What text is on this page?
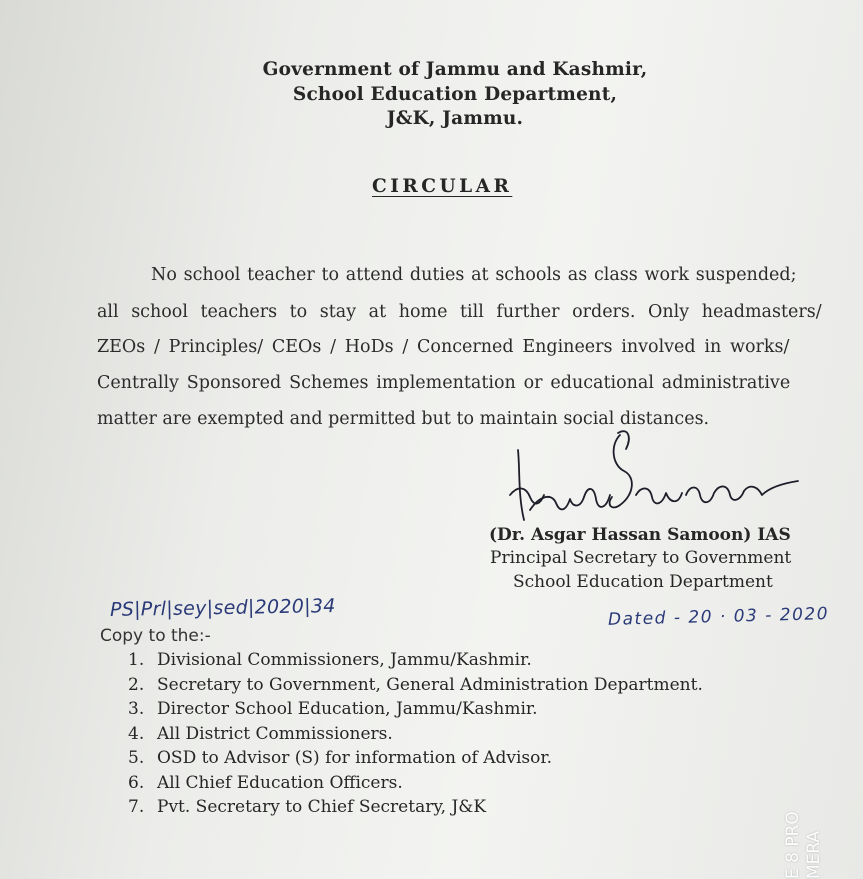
Government of Jammu and Kashmir,
School Education Department,
J&K, Jammu.
CIRCULAR
No school teacher to attend duties at schools as class work suspended;
all school teachers to stay at home till further orders. Only headmasters/
ZEOs / Principles/ CEOs / HoDs / Concerned Engineers involved in works/
Centrally Sponsored Schemes implementation or educational administrative
matter are exempted and permitted but to maintain social distances.
(Dr. Asgar Hassan Samoon) IAS
Principal Secretary to Government
School Education Department
PS|Prl|sey|sed|2020|34	Dated - 20 · 03 - 2020
Copy to the:-
1. Divisional Commissioners, Jammu/Kashmir.
2. Secretary to Government, General Administration Department.
3. Director School Education, Jammu/Kashmir.
4. All District Commissioners.
5. OSD to Advisor (S) for information of Advisor.
6. All Chief Education Officers.
7. Pvt. Secretary to Chief Secretary, J&K
E 8 PRO MERA
